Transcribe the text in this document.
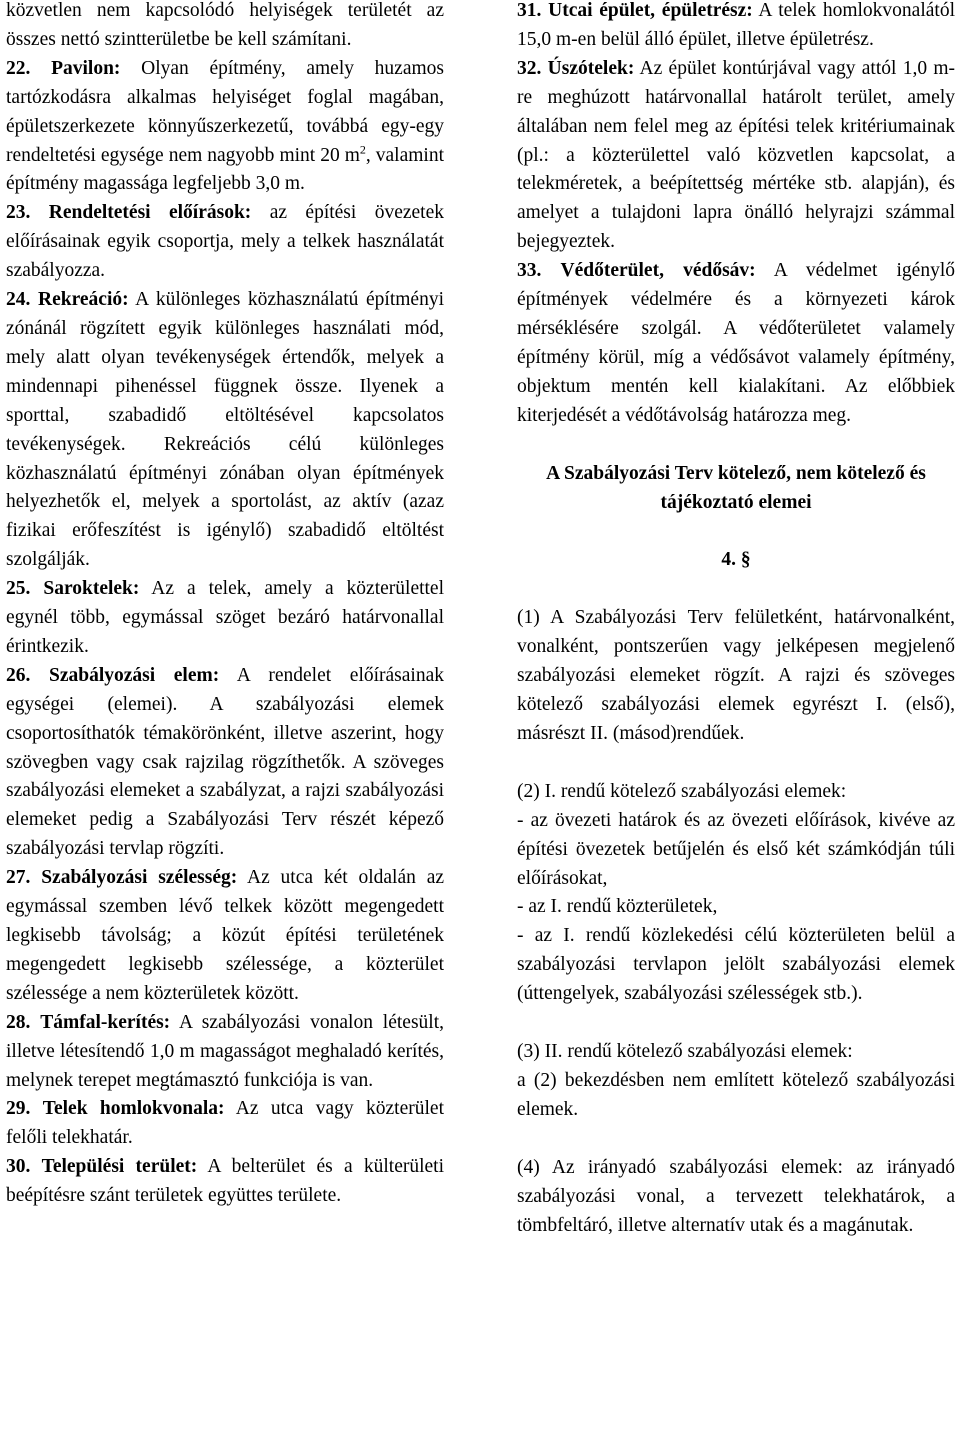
közvetlen nem kapcsolódó helyiségek területét az összes nettó szintterületbe be kell számítani.

22. Pavilon: Olyan építmény, amely huzamos tartózkodásra alkalmas helyiséget foglal magában, épületszerkezete könnyűszerkezetű, továbbá egy-egy rendeltetési egysége nem nagyobb mint 20 $m^2$, valamint építmény magassága legfeljebb 3,0 m.

23. Rendeltetési előírások: az építési övezetek előírásainak egyik csoportja, mely a telkek használatát szabályozza.

24. Rekreáció: A különleges közhasználatú építményi zónánál rögzített egyik különleges használati mód, mely alatt olyan tevékenységek értendők, melyek a mindennapi pihenéssel függnek össze. Ilyenek a sporttal, szabadidő eltöltésével kapcsolatos tevékenységek. Rekreációs célú különleges közhasználatú építményi zónában olyan építmények helyezhetők el, melyek a sportolást, az aktív (azaz fizikai erőfeszítést is igénylő) szabadidő eltöltést szolgálják.

25. Saroktelek: Az a telek, amely a közterülettel egynél több, egymással szöget bezáró határvonallal érintkezik.

26. Szabályozási elem: A rendelet előírásainak egységei (elemei). A szabályozási elemek csoportosíthatók témakörönként, illetve aszerint, hogy szövegben vagy csak rajzilag rögzíthetők. A szöveges szabályozási elemeket a szabályzat, a rajzi szabályozási elemeket pedig a Szabályozási Terv részét képező szabályozási tervlap rögzíti.

27. Szabályozási szélesség: Az utca két oldalán az egymással szemben lévő telkek között megengedett legkisebb távolság; a közút építési területének megengedett legkisebb szélessége, a közterület szélessége a nem közterületek között.

28. Támfal-kerítés: A szabályozási vonalon létesült, illetve létesítendő 1,0 m magasságot meghaladó kerítés, melynek terepet megtámasztó funkciója is van.

29. Telek homlokvonala: Az utca vagy közterület felőli telekhatár.

30. Települési terület: A belterület és a külterületi beépítésre szánt területek együttes területe.

31. Utcai épület, épületrész: A telek homlokvonalától 15,0 m-en belül álló épület, illetve épületrész.

32. Úszótelek: Az épület kontúrjával vagy attól 1,0 m-re meghúzott határvonallal határolt terület, amely általában nem felel meg az építési telek kritériumainak (pl.: a közterülettel való közvetlen kapcsolat, a telekméretek, a beépítettség mértéke stb. alapján), és amelyet a tulajdoni lapra önálló helyrajzi számmal bejegyeztek.

33. Védőterület, védősáv: A védelmet igénylő építmények védelmére és a környezeti károk mérséklésére szolgál. A védőterületet valamely építmény körül, míg a védősávot valamely építmény, objektum mentén kell kialakítani. Az előbbiek kiterjedését a védőtávolság határozza meg.

A Szabályozási Terv kötelező, nem kötelező és tájékoztató elemei

4. §

(1) A Szabályozási Terv felületként, határvonalként, vonalként, pontszerűen vagy jelképesen megjelenő szabályozási elemeket rögzít. A rajzi és szöveges kötelező szabályozási elemek egyrészt I. (első), másrészt II. (másod)rendűek.

(2) I. rendű kötelező szabályozási elemek:

- az övezeti határok és az övezeti előírások, kivéve az építési övezetek betűjelén és első két számkódján túli előírásokat,

- az I. rendű közterületek,

- az I. rendű közlekedési célú közterületen belül a szabályozási tervlapon jelölt szabályozási elemek (úttengelyek, szabályozási szélességek stb.).

(3) II. rendű kötelező szabályozási elemek:

a (2) bekezdésben nem említett kötelező szabályozási elemek.

(4) Az irányadó szabályozási elemek: az irányadó szabályozási vonal, a tervezett telekhatárok, a tömbfeltáró, illetve alternatív utak és a magánutak.
